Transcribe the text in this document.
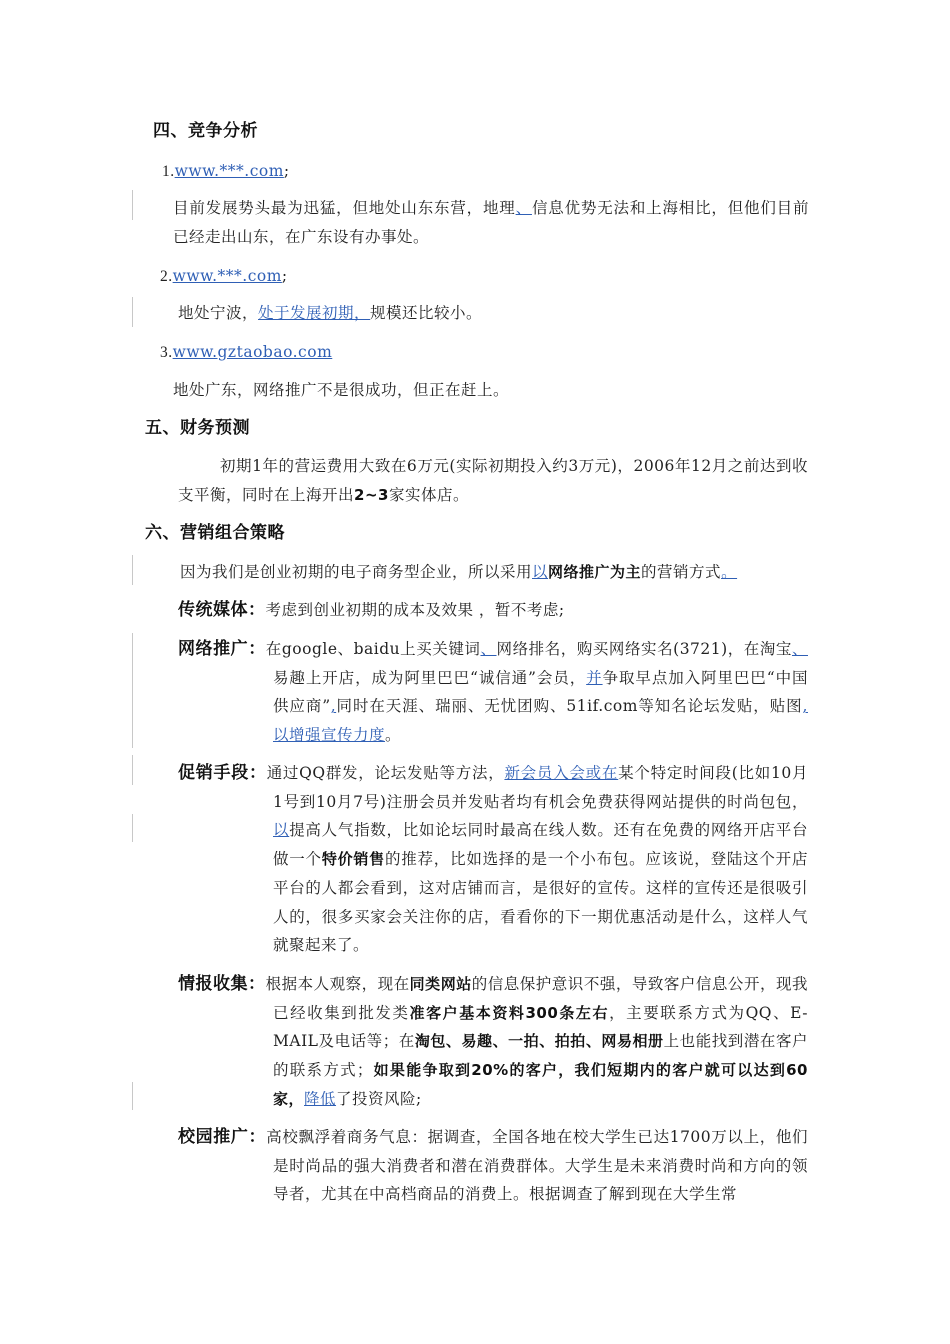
四、竞争分析
1.www.***.com;
目前发展势头最为迅猛，但地处山东东营，地理、信息优势无法和上海相比，但他们目前已经走出山东，在广东设有办事处。
2.www.***.com;
地处宁波，处于发展初期，规模还比较小。
3.www.gztaobao.com
地处广东，网络推广不是很成功，但正在赶上。
五、财务预测
初期1年的营运费用大致在6万元(实际初期投入约3万元)，2006年12月之前达到收支平衡，同时在上海开出2~3家实体店。
六、营销组合策略
因为我们是创业初期的电子商务型企业，所以采用以网络推广为主的营销方式。
传统媒体：考虑到创业初期的成本及效果 ，暂不考虑;
网络推广：在google、baidu上买关键词、网络排名，购买网络实名(3721)，在淘宝、易趣上开店，成为阿里巴巴“诚信通”会员，并争取早点加入阿里巴巴“中国供应商”,同时在天涯、瑞丽、无忧团购、51if.com等知名论坛发贴，贴图,以增强宣传力度。
促销手段：通过QQ群发，论坛发贴等方法，新会员入会或在某个特定时间段(比如10月1号到10月7号)注册会员并发贴者均有机会免费获得网站提供的时尚包包，以提高人气指数，比如论坛同时最高在线人数。还有在免费的网络开店平台做一个特价销售的推荐，比如选择的是一个小布包。应该说，登陆这个开店平台的人都会看到，这对店铺而言，是很好的宣传。这样的宣传还是很吸引人的，很多买家会关注你的店，看看你的下一期优惠活动是什么，这样人气就聚起来了。
情报收集：根据本人观察，现在同类网站的信息保护意识不强，导致客户信息公开，现我已经收集到批发类准客户基本资料300条左右，主要联系方式为QQ、E-MAIL及电话等；在淘包、易趣、一拍、拍拍、网易相册上也能找到潜在客户的联系方式；如果能争取到20%的客户，我们短期内的客户就可以达到60家，降低了投资风险;
校园推广：高校飘浮着商务气息：据调查，全国各地在校大学生已达1700万以上，他们是时尚品的强大消费者和潜在消费群体。大学生是未来消费时尚和方向的领导者，尤其在中高档商品的消费上。根据调查了解到现在大学生常
